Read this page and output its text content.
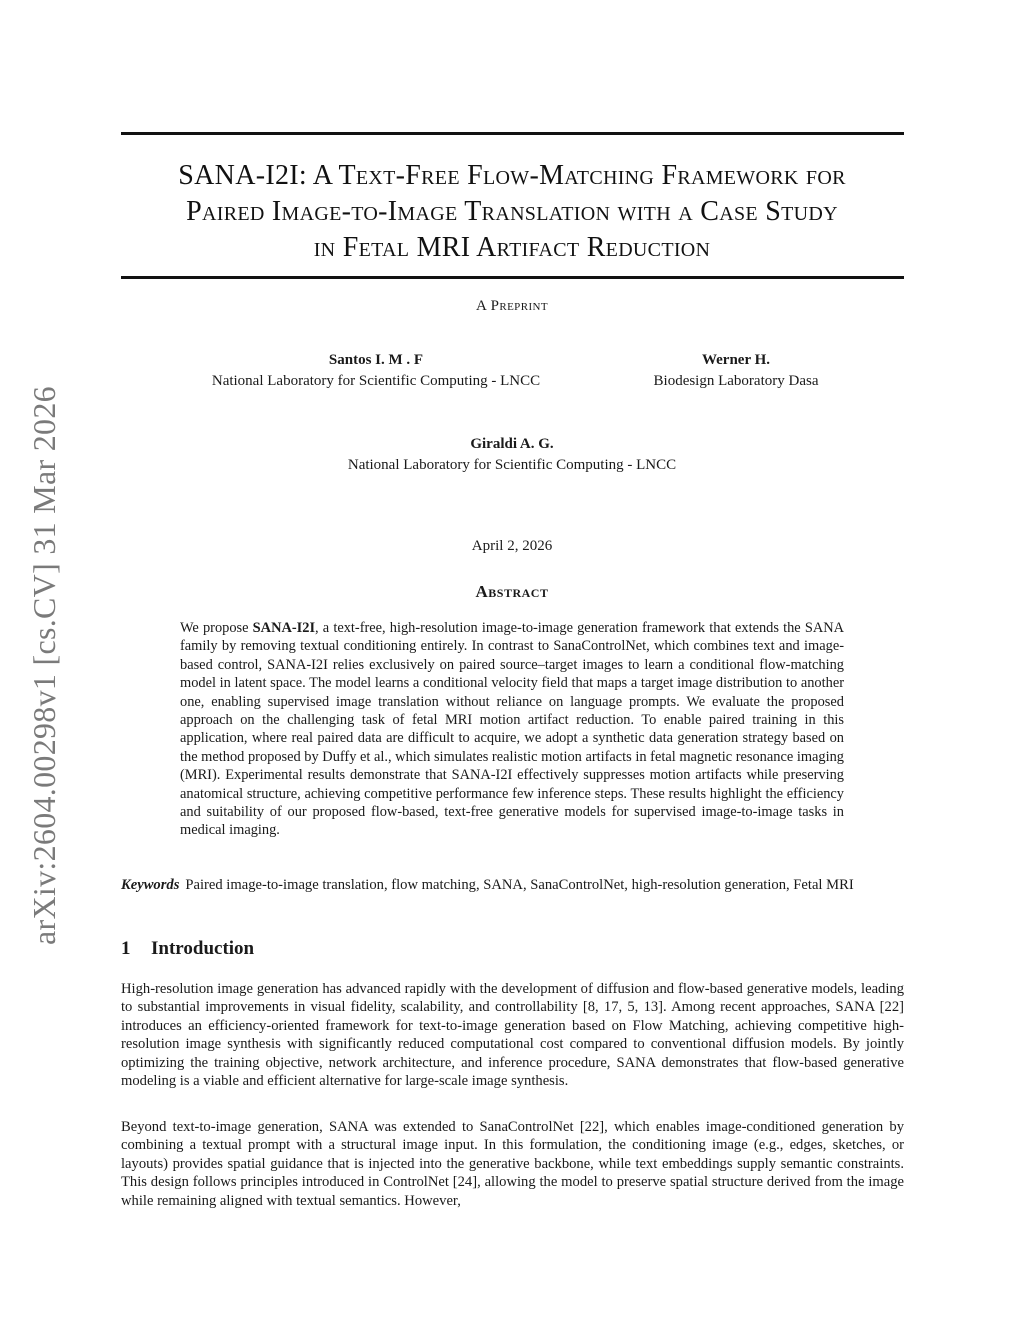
arXiv:2604.00298v1 [cs.CV] 31 Mar 2026
SANA-I2I: A Text-Free Flow-Matching Framework for
Paired Image-to-Image Translation with a Case Study
in Fetal MRI Artifact Reduction
A Preprint
Santos I. M . F
National Laboratory for Scientific Computing - LNCC
Werner H.
Biodesign Laboratory Dasa
Giraldi A. G.
National Laboratory for Scientific Computing - LNCC
April 2, 2026
Abstract

We propose SANA-I2I, a text-free, high-resolution image-to-image generation framework that extends the SANA family by removing textual conditioning entirely. In contrast to SanaControlNet, which combines text and image-based control, SANA-I2I relies exclusively on paired source–target images to learn a conditional flow-matching model in latent space. The model learns a conditional velocity field that maps a target image distribution to another one, enabling supervised image translation without reliance on language prompts. We evaluate the proposed approach on the challenging task of fetal MRI motion artifact reduction. To enable paired training in this application, where real paired data are difficult to acquire, we adopt a synthetic data generation strategy based on the method proposed by Duffy et al., which simulates realistic motion artifacts in fetal magnetic resonance imaging (MRI). Experimental results demonstrate that SANA-I2I effectively suppresses motion artifacts while preserving anatomical structure, achieving competitive performance few inference steps. These results highlight the efficiency and suitability of our proposed flow-based, text-free generative models for supervised image-to-image tasks in medical imaging.

Keywords Paired image-to-image translation, flow matching, SANA, SanaControlNet, high-resolution generation, Fetal MRI

1 Introduction

High-resolution image generation has advanced rapidly with the development of diffusion and flow-based generative models, leading to substantial improvements in visual fidelity, scalability, and controllability [8, 17, 5, 13]. Among recent approaches, SANA [22] introduces an efficiency-oriented framework for text-to-image generation based on Flow Matching, achieving competitive high-resolution image synthesis with significantly reduced computational cost compared to conventional diffusion models. By jointly optimizing the training objective, network architecture, and inference procedure, SANA demonstrates that flow-based generative modeling is a viable and efficient alternative for large-scale image synthesis.

Beyond text-to-image generation, SANA was extended to SanaControlNet [22], which enables image-conditioned generation by combining a textual prompt with a structural image input. In this formulation, the conditioning image (e.g., edges, sketches, or layouts) provides spatial guidance that is injected into the generative backbone, while text embeddings supply semantic constraints. This design follows principles introduced in ControlNet [24], allowing the model to preserve spatial structure derived from the image while remaining aligned with textual semantics. However,
